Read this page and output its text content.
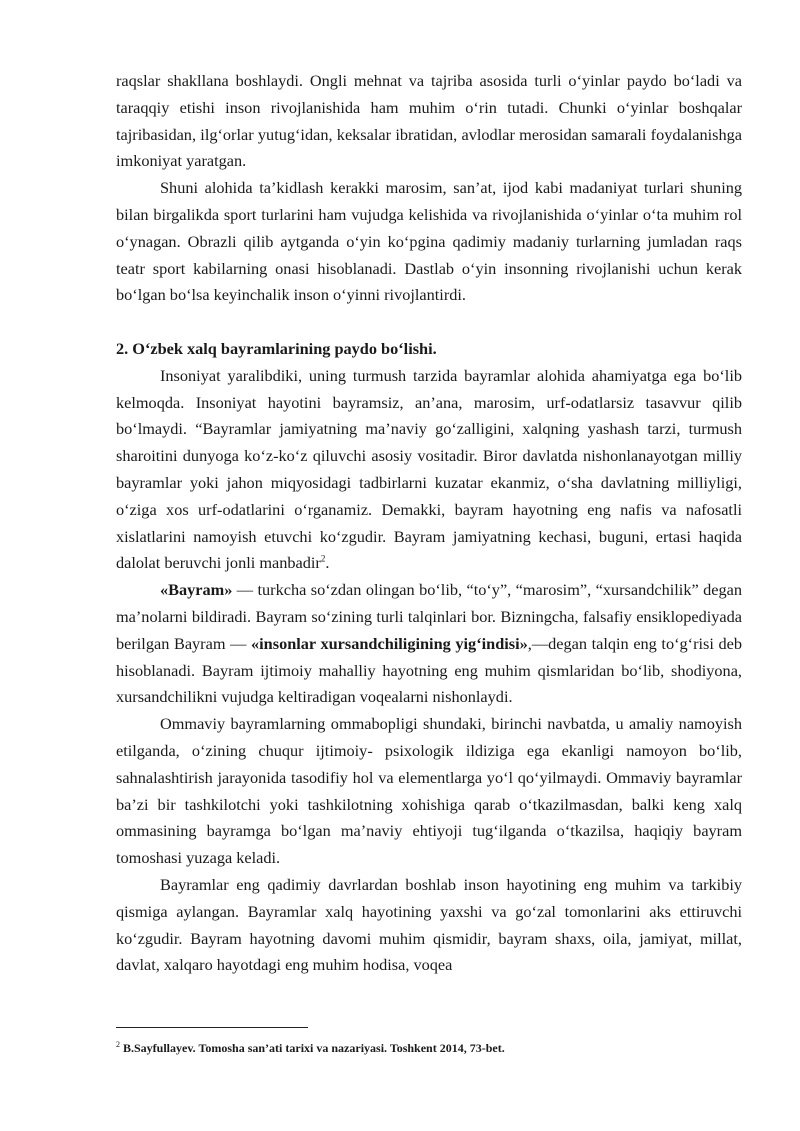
raqslar shakllana boshlaydi. Ongli mehnat va tajriba asosida turli o‘yinlar paydo bo‘ladi va taraqqiy etishi inson rivojlanishida ham muhim o‘rin tutadi. Chunki o‘yinlar boshqalar tajribasidan, ilg‘orlar yutug‘idan, keksalar ibratidan, avlodlar merosidan samarali foydalanishga imkoniyat yaratgan.

Shuni alohida ta’kidlash kerakki marosim, san’at, ijod kabi madaniyat turlari shuning bilan birgalikda sport turlarini ham vujudga kelishida va rivojlanishida o‘yinlar o‘ta muhim rol o‘ynagan. Obrazli qilib aytganda o‘yin ko‘pgina qadimiy madaniy turlarning jumladan raqs teatr sport kabilarning onasi hisoblanadi. Dastlab o‘yin insonning rivojlanishi uchun kerak bo‘lgan bo‘lsa keyinchalik inson o‘yinni rivojlantirdi.

2. O‘zbek xalq bayramlarining paydo bo‘lishi.

Insoniyat yaralibdiki, uning turmush tarzida bayramlar alohida ahamiyatga ega bo‘lib kelmoqda. Insoniyat hayotini bayramsiz, an’ana, marosim, urf-odatlarsiz tasavvur qilib bo‘lmaydi. “Bayramlar jamiyatning ma’naviy go‘zalligini, xalqning yashash tarzi, turmush sharoitini dunyoga ko‘z-ko‘z qiluvchi asosiy vositadir. Biror davlatda nishonlanayotgan milliy bayramlar yoki jahon miqyosidagi tadbirlarni kuzatar ekanmiz, o‘sha davlatning milliyligi, o‘ziga xos urf-odatlarini o‘rganamiz. Demakki, bayram hayotning eng nafis va nafosatli xislatlarini namoyish etuvchi ko‘zgudir. Bayram jamiyatning kechasi, buguni, ertasi haqida dalolat beruvchi jonli manbadir$^2$.

«Bayram» — turkcha so‘zdan olingan bo‘lib, “to‘y”, “marosim”, “xursandchilik” degan ma’nolarni bildiradi. Bayram so‘zining turli talqinlari bor. Bizningcha, falsafiy ensiklopediyada berilgan Bayram — «insonlar xursandchiligining yig‘indisi»,—degan talqin eng to‘g‘risi deb hisoblanadi. Bayram ijtimoiy mahalliy hayotning eng muhim qismlaridan bo‘lib, shodiyona, xursandchilikni vujudga keltiradigan voqealarni nishonlaydi.

Ommaviy bayramlarning ommabopligi shundaki, birinchi navbatda, u amaliy namoyish etilganda, o‘zining chuqur ijtimoiy- psixologik ildiziga ega ekanligi namoyon bo‘lib, sahnalashtirish jarayonida tasodifiy hol va elementlarga yo‘l qo‘yilmaydi. Ommaviy bayramlar ba’zi bir tashkilotchi yoki tashkilotning xohishiga qarab o‘tkazilmasdan, balki keng xalq ommasining bayramga bo‘lgan ma’naviy ehtiyoji tug‘ilganda o‘tkazilsa, haqiqiy bayram tomoshasi yuzaga keladi.

Bayramlar eng qadimiy davrlardan boshlab inson hayotining eng muhim va tarkibiy qismiga aylangan. Bayramlar xalq hayotining yaxshi va go‘zal tomonlarini aks ettiruvchi ko‘zgudir. Bayram hayotning davomi muhim qismidir, bayram shaxs, oila, jamiyat, millat, davlat, xalqaro hayotdagi eng muhim hodisa, voqea

$^2$ B.Sayfullayev. Tomosha san’ati tarixi va nazariyasi. Toshkent 2014, 73-bet.
